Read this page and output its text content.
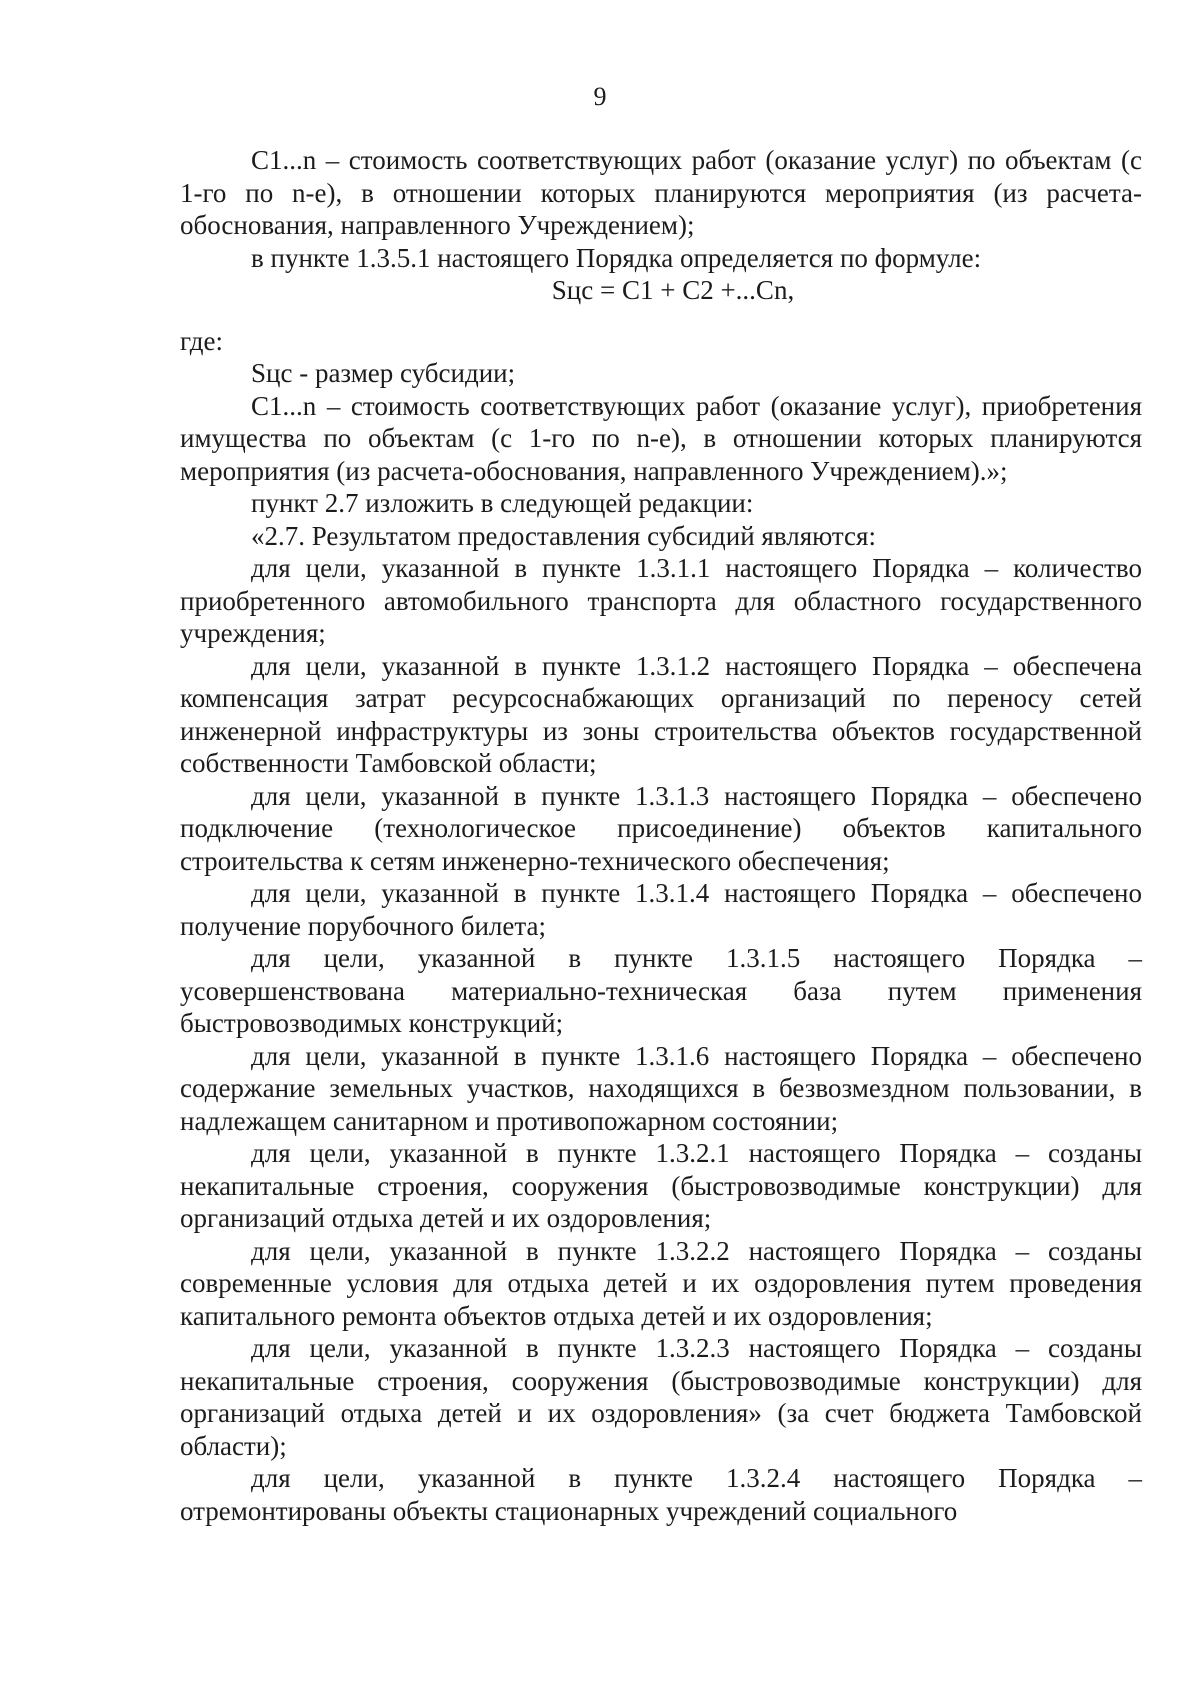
9

С1...n – стоимость соответствующих работ (оказание услуг) по объектам (с 1-го по n-е), в отношении которых планируются мероприятия (из расчета-обоснования, направленного Учреждением);

в пункте 1.3.5.1 настоящего Порядка определяется по формуле:

Sцс = С1 + С2 +...Сn,

где:

Sцс - размер субсидии;

С1...n – стоимость соответствующих работ (оказание услуг), приобретения имущества по объектам (с 1-го по n-е), в отношении которых планируются мероприятия (из расчета-обоснования, направленного Учреждением).»;

пункт 2.7 изложить в следующей редакции:

«2.7. Результатом предоставления субсидий являются:

для цели, указанной в пункте 1.3.1.1 настоящего Порядка – количество приобретенного автомобильного транспорта для областного государственного учреждения;

для цели, указанной в пункте 1.3.1.2 настоящего Порядка – обеспечена компенсация затрат ресурсоснабжающих организаций по переносу сетей инженерной инфраструктуры из зоны строительства объектов государственной собственности Тамбовской области;

для цели, указанной в пункте 1.3.1.3 настоящего Порядка – обеспечено подключение (технологическое присоединение) объектов капитального строительства к сетям инженерно-технического обеспечения;

для цели, указанной в пункте 1.3.1.4 настоящего Порядка – обеспечено получение порубочного билета;

для цели, указанной в пункте 1.3.1.5 настоящего Порядка – усовершенствована материально-техническая база путем применения быстровозводимых конструкций;

для цели, указанной в пункте 1.3.1.6 настоящего Порядка – обеспечено содержание земельных участков, находящихся в безвозмездном пользовании, в надлежащем санитарном и противопожарном состоянии;

для цели, указанной в пункте 1.3.2.1 настоящего Порядка – созданы некапитальные строения, сооружения (быстровозводимые конструкции) для организаций отдыха детей и их оздоровления;

для цели, указанной в пункте 1.3.2.2 настоящего Порядка – созданы современные условия для отдыха детей и их оздоровления путем проведения капитального ремонта объектов отдыха детей и их оздоровления;

для цели, указанной в пункте 1.3.2.3 настоящего Порядка – созданы некапитальные строения, сооружения (быстровозводимые конструкции) для организаций отдыха детей и их оздоровления» (за счет бюджета Тамбовской области);

для цели, указанной в пункте 1.3.2.4 настоящего Порядка – отремонтированы объекты стационарных учреждений социального
